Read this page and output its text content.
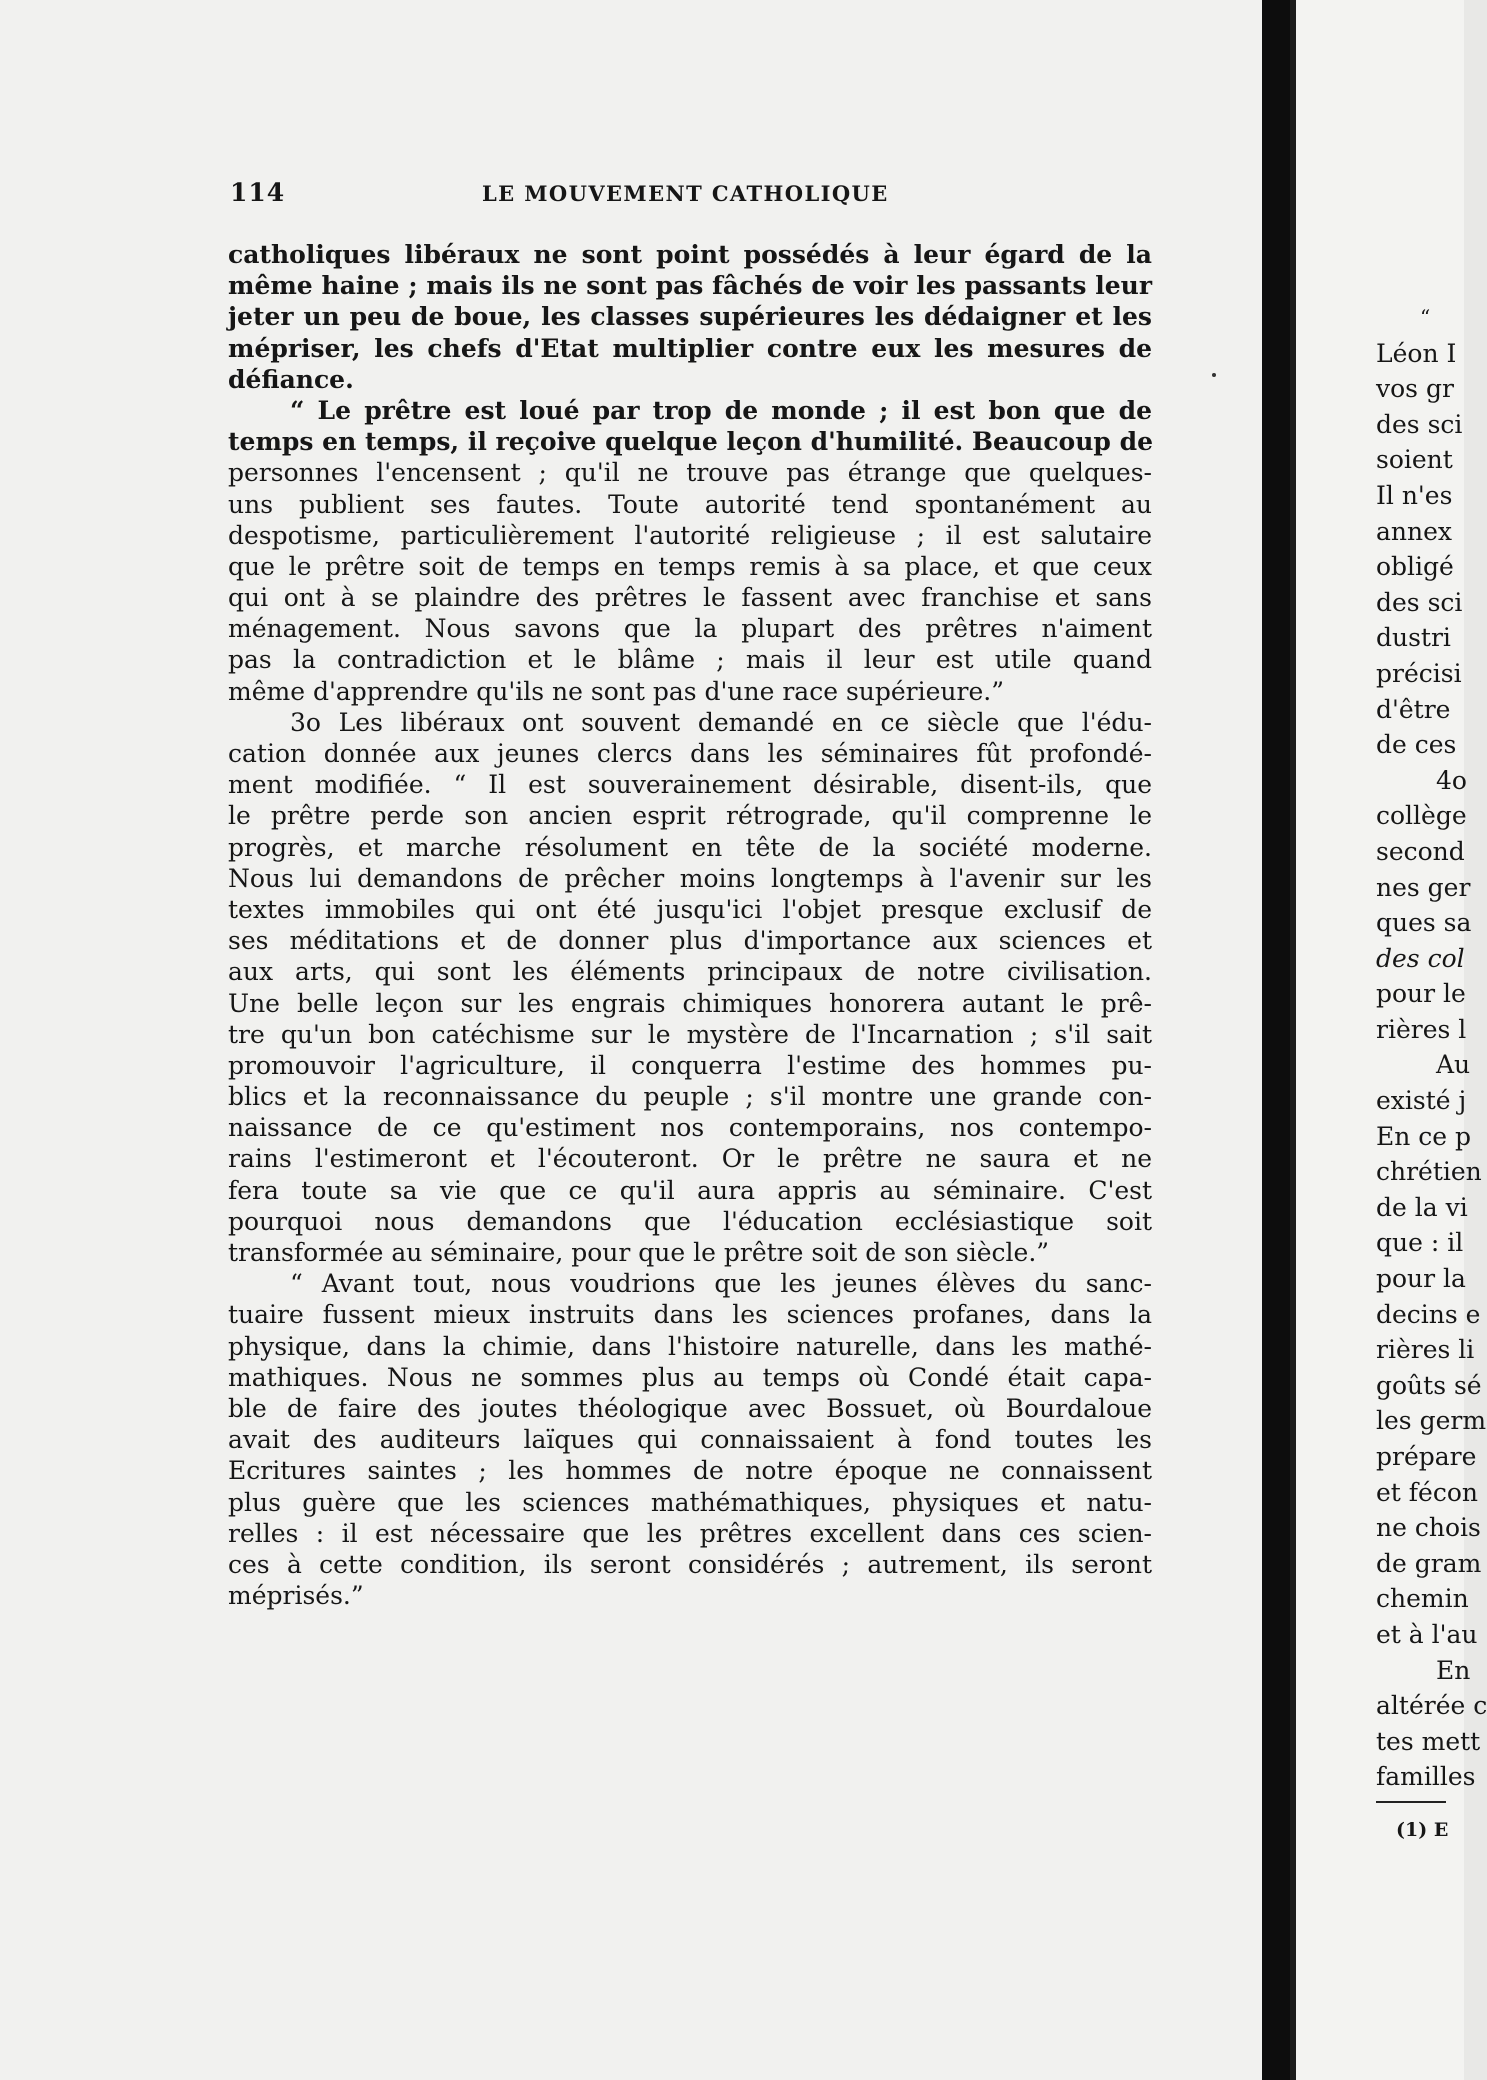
114	LE MOUVEMENT CATHOLIQUE
catholiques libéraux ne sont point possédés à leur égard de la
même haine ; mais ils ne sont pas fâchés de voir les passants leur
jeter un peu de boue, les classes supérieures les dédaigner et les
mépriser, les chefs d'Etat multiplier contre eux les mesures de
défiance.
“ Le prêtre est loué par trop de monde ; il est bon que de
temps en temps, il reçoive quelque leçon d'humilité. Beaucoup de
personnes l'encensent ; qu'il ne trouve pas étrange que quelques-
uns publient ses fautes. Toute autorité tend spontanément au
despotisme, particulièrement l'autorité religieuse ; il est salutaire
que le prêtre soit de temps en temps remis à sa place, et que ceux
qui ont à se plaindre des prêtres le fassent avec franchise et sans
ménagement. Nous savons que la plupart des prêtres n'aiment
pas la contradiction et le blâme ; mais il leur est utile quand
même d'apprendre qu'ils ne sont pas d'une race supérieure.”
3o Les libéraux ont souvent demandé en ce siècle que l'édu-
cation donnée aux jeunes clercs dans les séminaires fût profondé-
ment modifiée. “ Il est souverainement désirable, disent-ils, que
le prêtre perde son ancien esprit rétrograde, qu'il comprenne le
progrès, et marche résolument en tête de la société moderne.
Nous lui demandons de prêcher moins longtemps à l'avenir sur les
textes immobiles qui ont été jusqu'ici l'objet presque exclusif de
ses méditations et de donner plus d'importance aux sciences et
aux arts, qui sont les éléments principaux de notre civilisation.
Une belle leçon sur les engrais chimiques honorera autant le prê-
tre qu'un bon catéchisme sur le mystère de l'Incarnation ; s'il sait
promouvoir l'agriculture, il conquerra l'estime des hommes pu-
blics et la reconnaissance du peuple ; s'il montre une grande con-
naissance de ce qu'estiment nos contemporains, nos contempo-
rains l'estimeront et l'écouteront. Or le prêtre ne saura et ne
fera toute sa vie que ce qu'il aura appris au séminaire. C'est
pourquoi nous demandons que l'éducation ecclésiastique soit
transformée au séminaire, pour que le prêtre soit de son siècle.”
“ Avant tout, nous voudrions que les jeunes élèves du sanc-
tuaire fussent mieux instruits dans les sciences profanes, dans la
physique, dans la chimie, dans l'histoire naturelle, dans les mathé-
mathiques. Nous ne sommes plus au temps où Condé était capa-
ble de faire des joutes théologique avec Bossuet, où Bourdaloue
avait des auditeurs laïques qui connaissaient à fond toutes les
Ecritures saintes ; les hommes de notre époque ne connaissent
plus guère que les sciences mathémathiques, physiques et natu-
relles : il est nécessaire que les prêtres excellent dans ces scien-
ces à cette condition, ils seront considérés ; autrement, ils seront
méprisés.”
“
Léon I
vos gr
des sci
soient
Il n'es
annex
obligé
des sci
dustri
précisi
d'être
de ces
4o
collège
second
nes ger
ques sa
des col
pour le
rières l
Au
existé j
En ce p
chrétien
de la vi
que : il
pour la
decins e
rières li
goûts sé
les germ
prépare
et fécon
ne chois
de gram
chemin
et à l'au
En
altérée c
tes mett
familles
(1) E
